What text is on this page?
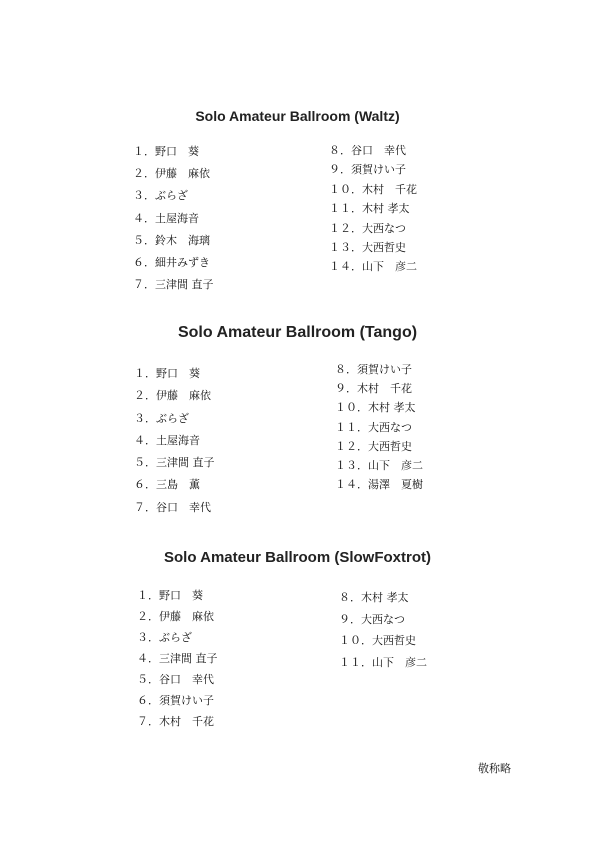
Solo Amateur Ballroom (Waltz)
１．野口　葵
２．伊藤　麻依
３．ぶらざ
４．土屋海音
５．鈴木　海璃
６．細井みずき
７．三津間 直子
８．谷口　幸代
９．須賀けい子
１０．木村　千花
１１．木村 孝太
１２．大西なつ
１３．大西哲史
１４．山下　彦二
Solo Amateur Ballroom (Tango)
１．野口　葵
２．伊藤　麻依
３．ぶらざ
４．土屋海音
５．三津間 直子
６．三島　薫
７．谷口　幸代
８．須賀けい子
９．木村　千花
１０．木村 孝太
１１．大西なつ
１２．大西哲史
１３．山下　彦二
１４．湯澤　夏樹
Solo Amateur Ballroom (SlowFoxtrot)
１．野口　葵
２．伊藤　麻依
３．ぶらざ
４．三津間 直子
５．谷口　幸代
６．須賀けい子
７．木村　千花
８．木村 孝太
９．大西なつ
１０．大西哲史
１１．山下　彦二

敬称略
